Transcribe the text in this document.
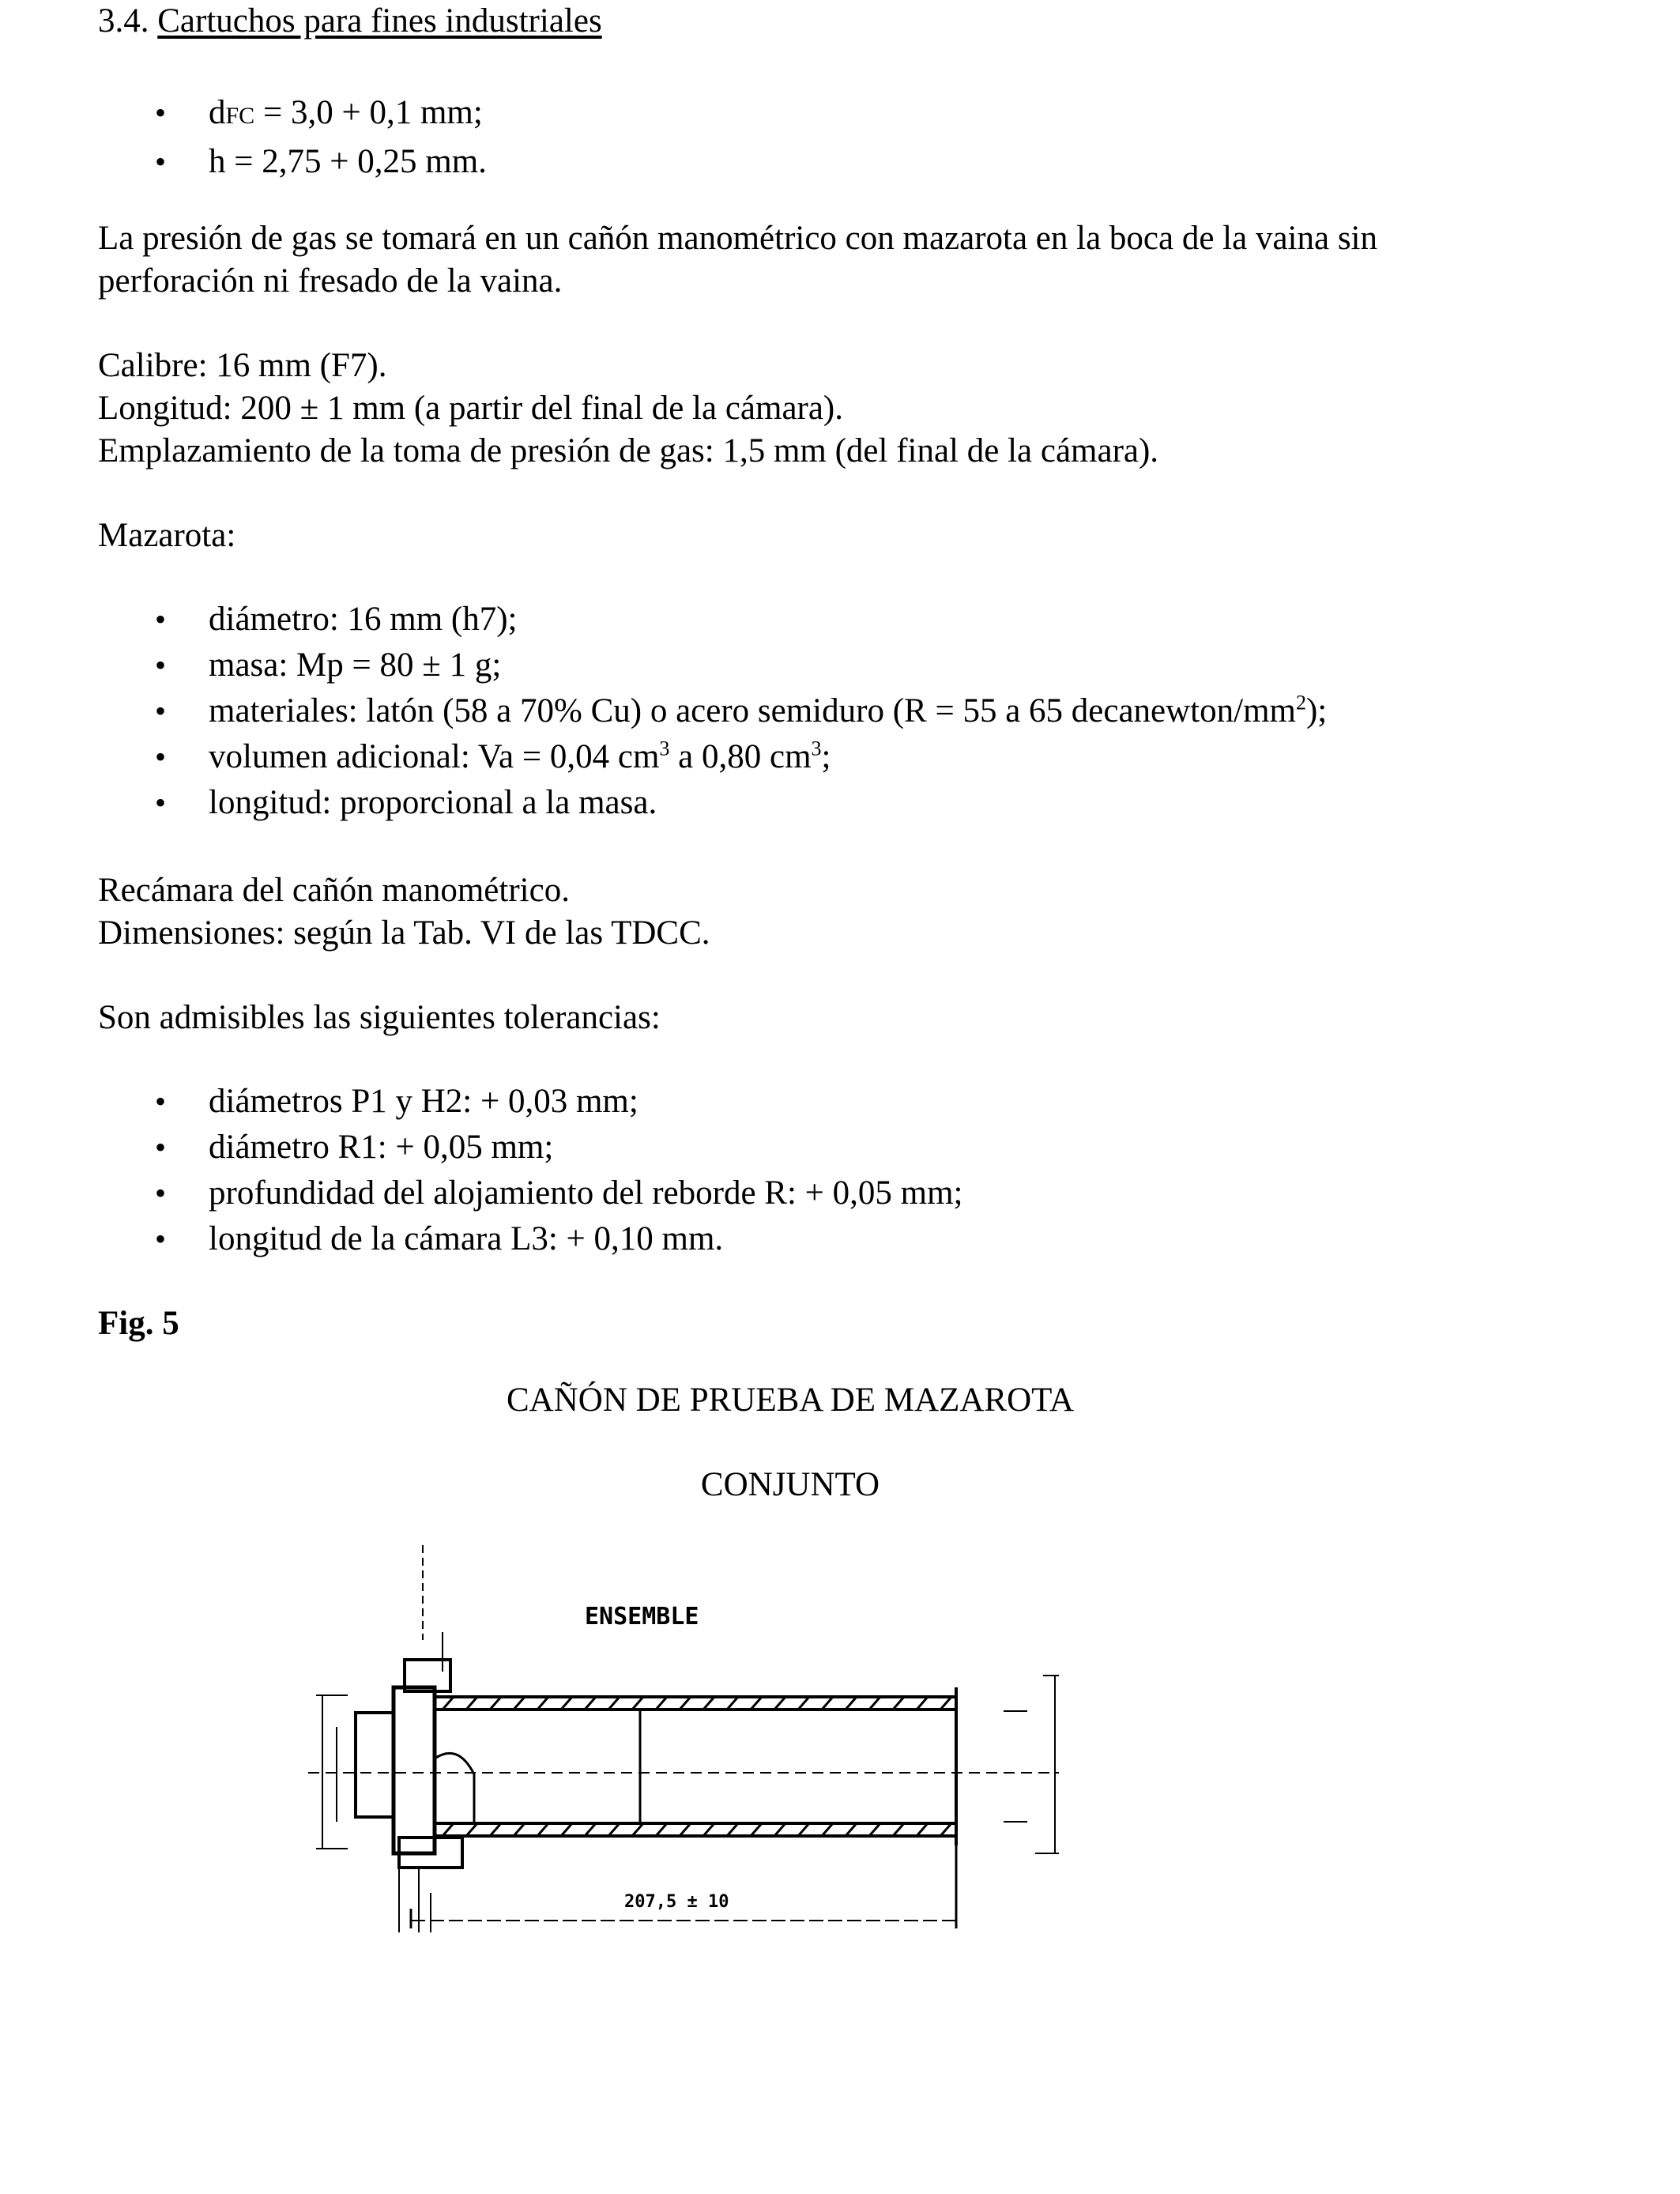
3.4. Cartuchos para fines industriales

• dFC = 3,0 + 0,1 mm;
• h = 2,75 + 0,25 mm.

La presión de gas se tomará en un cañón manométrico con mazarota en la boca de la vaina sin

perforación ni fresado de la vaina.

Calibre: 16 mm (F7).

Longitud: 200 ± 1 mm (a partir del final de la cámara).

Emplazamiento de la toma de presión de gas: 1,5 mm (del final de la cámara).

Mazarota:

• diámetro: 16 mm (h7);
• masa: Mp = 80 ± 1 g;
• materiales: latón (58 a 70% Cu) o acero semiduro (R = 55 a 65 decanewton/$mm^2$);
• volumen adicional: Va = 0,04 $cm^3$ a 0,80 $cm^3$;
• longitud: proporcional a la masa.

Recámara del cañón manométrico.

Dimensiones: según la Tab. VI de las TDCC.

Son admisibles las siguientes tolerancias:

• diámetros P1 y H2: + 0,03 mm;
• diámetro R1: + 0,05 mm;
• profundidad del alojamiento del reborde R: + 0,05 mm;
• longitud de la cámara L3: + 0,10 mm.

Fig. 5

CAÑÓN DE PRUEBA DE MAZAROTA

CONJUNTO

ENSEMBLE
207,5 ± 10
